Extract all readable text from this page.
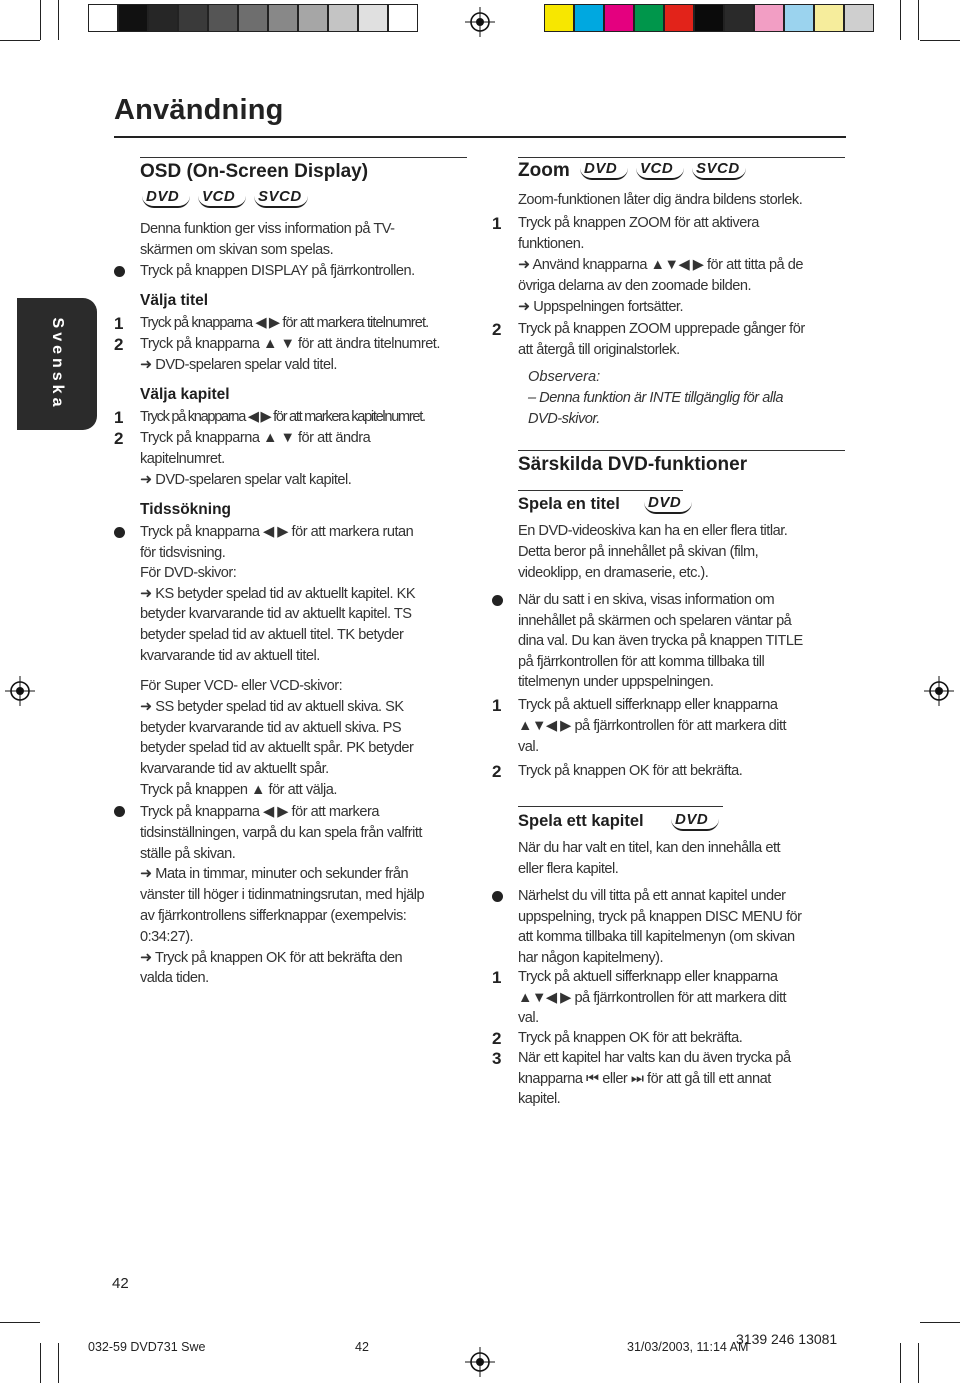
Användning
Svenska
OSD (On-Screen Display)
DVD VCD SVCD
Denna funktion ger viss information på TV-
skärmen om skivan som spelas.
Tryck på knappen DISPLAY på fjärrkontrollen.
Välja titel
1 Tryck på knapparna ◀ ▶ för att markera titelnumret.
2 Tryck på knapparna ▲ ▼ för att ändra titelnumret.
➜ DVD-spelaren spelar vald titel.
Välja kapitel
1 Tryck på knapparna ◀ ▶ för att markera kapitelnumret.
2 Tryck på knapparna ▲ ▼ för att ändra
kapitelnumret.
➜ DVD-spelaren spelar valt kapitel.
Tidssökning
Tryck på knapparna ◀ ▶ för att markera rutan
för tidsvisning.
För DVD-skivor:
➜ KS betyder spelad tid av aktuellt kapitel. KK
betyder kvarvarande tid av aktuellt kapitel. TS
betyder spelad tid av aktuell titel. TK betyder
kvarvarande tid av aktuell titel.
För Super VCD- eller VCD-skivor:
➜ SS betyder spelad tid av aktuell skiva. SK
betyder kvarvarande tid av aktuell skiva. PS
betyder spelad tid av aktuellt spår. PK betyder
kvarvarande tid av aktuellt spår.
Tryck på knappen ▲ för att välja.
Tryck på knapparna ◀ ▶ för att markera
tidsinställningen, varpå du kan spela från valfritt
ställe på skivan.
➜ Mata in timmar, minuter och sekunder från
vänster till höger i tidinmatningsrutan, med hjälp
av fjärrkontrollens sifferknappar (exempelvis:
0:34:27).
➜ Tryck på knappen OK för att bekräfta den
valda tiden.
Zoom DVD VCD SVCD
Zoom-funktionen låter dig ändra bildens storlek.
1 Tryck på knappen ZOOM för att aktivera
funktionen.
➜ Använd knapparna ▲▼◀ ▶ för att titta på de
övriga delarna av den zoomade bilden.
➜ Uppspelningen fortsätter.
2 Tryck på knappen ZOOM upprepade gånger för
att återgå till originalstorlek.
Observera:
– Denna funktion är INTE tillgänglig för alla
DVD-skivor.
Särskilda DVD-funktioner
Spela en titel DVD
En DVD-videoskiva kan ha en eller flera titlar.
Detta beror på innehållet på skivan (film,
videoklipp, en dramaserie, etc.).
När du satt i en skiva, visas information om
innehållet på skärmen och spelaren väntar på
dina val. Du kan även trycka på knappen TITLE
på fjärrkontrollen för att komma tillbaka till
titelmenyn under uppspelningen.
1 Tryck på aktuell sifferknapp eller knapparna
▲▼◀ ▶ på fjärrkontrollen för att markera ditt
val.
2 Tryck på knappen OK för att bekräfta.
Spela ett kapitel DVD
När du har valt en titel, kan den innehålla ett
eller flera kapitel.
Närhelst du vill titta på ett annat kapitel under
uppspelning, tryck på knappen DISC MENU för
att komma tillbaka till kapitelmenyn (om skivan
har någon kapitelmeny).
1 Tryck på aktuell sifferknapp eller knapparna
▲▼◀ ▶ på fjärrkontrollen för att markera ditt
val.
2 Tryck på knappen OK för att bekräfta.
3 När ett kapitel har valts kan du även trycka på
knapparna ⏮ eller ⏭ för att gå till ett annat
kapitel.
42
032-59 DVD731 Swe	42	31/03/2003, 11:14 AM
3139 246 13081
